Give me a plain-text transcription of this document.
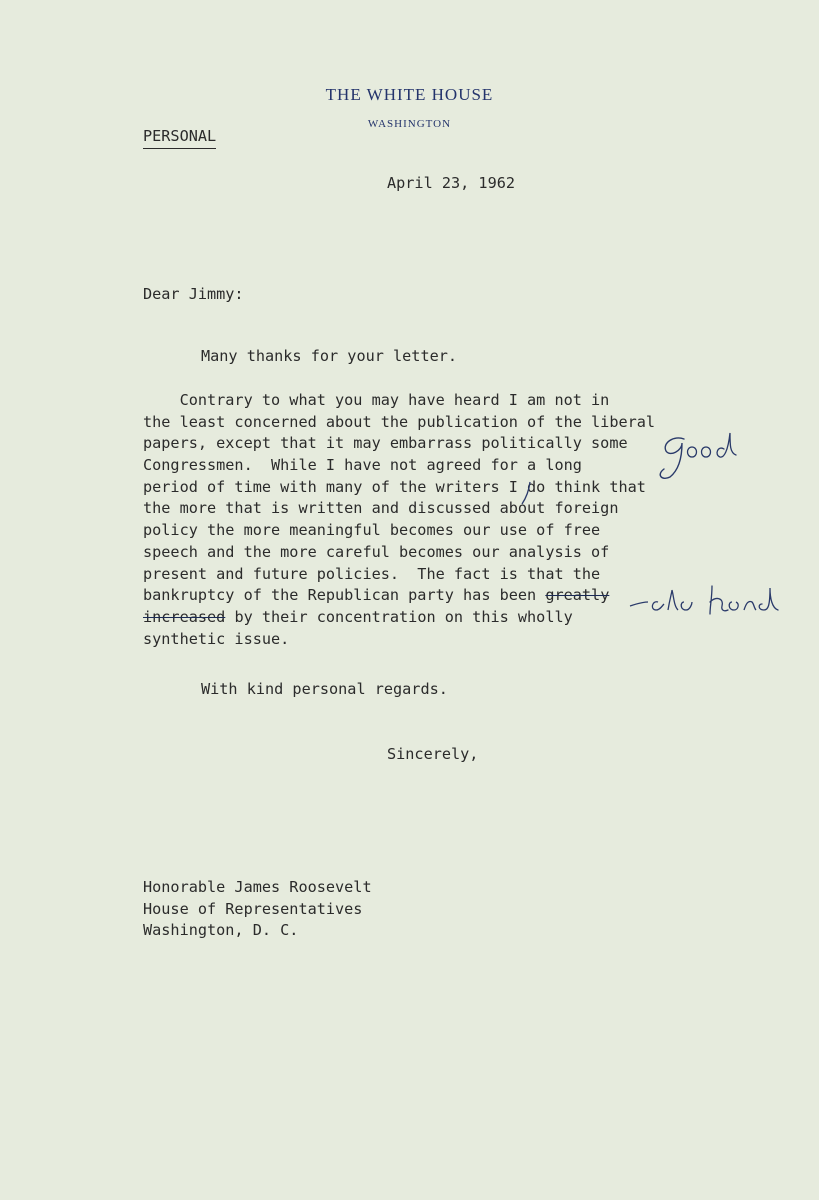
THE WHITE HOUSE
WASHINGTON
PERSONAL
April 23, 1962
Dear Jimmy:
Many thanks for your letter.
Contrary to what you may have heard I am not in
the least concerned about the publication of the liberal
papers, except that it may embarrass politically some
Congressmen.  While I have not agreed for a long
period of time with many of the writers I do think that
the more that is written and discussed about foreign
policy the more meaningful becomes our use of free
speech and the more careful becomes our analysis of
present and future policies.  The fact is that the
bankruptcy of the Republican party has been greatly
increased by their concentration on this wholly
synthetic issue.
With kind personal regards.
Sincerely,
Honorable James Roosevelt
House of Representatives
Washington, D. C.
